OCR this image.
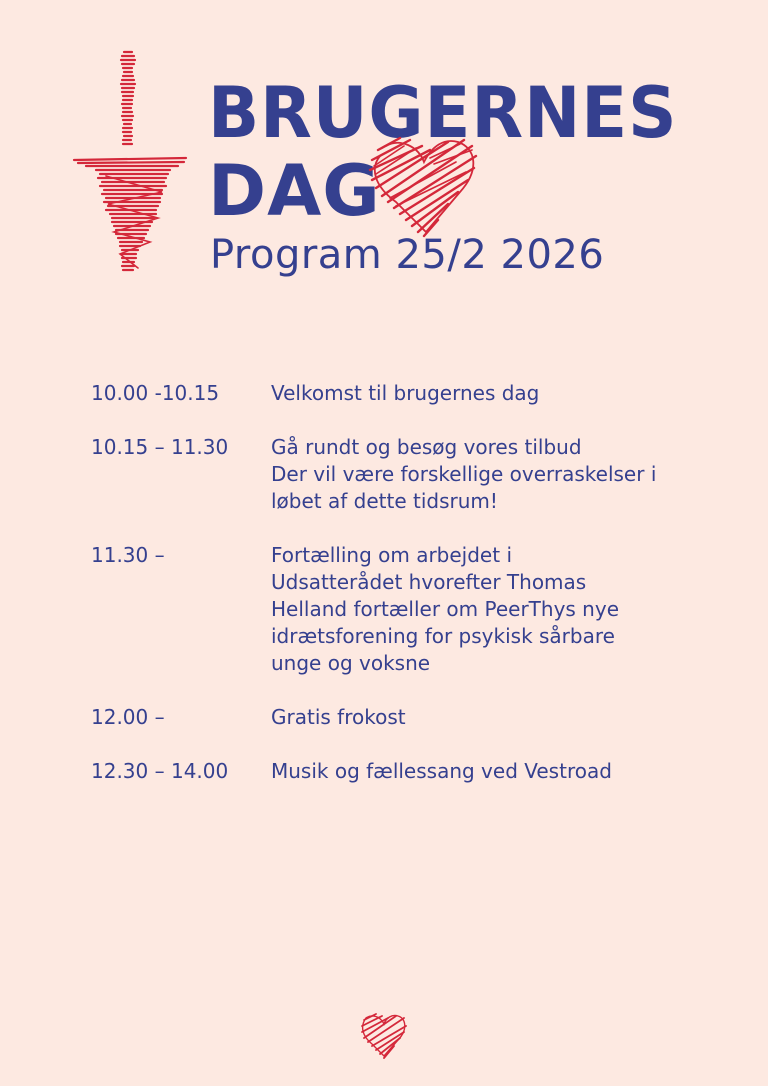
BRUGERNES
DAG
Program 25/2 2026
10.00 -10.15	Velkomst til brugernes dag
10.15 – 11.30	Gå rundt og besøg vores tilbud
Der vil være forskellige overraskelser i
løbet af dette tidsrum!
11.30 –	Fortælling om arbejdet i
Udsatterådet hvorefter Thomas
Helland fortæller om PeerThys nye
idrætsforening for psykisk sårbare
unge og voksne
12.00 –	Gratis frokost
12.30 – 14.00	Musik og fællessang ved Vestroad
